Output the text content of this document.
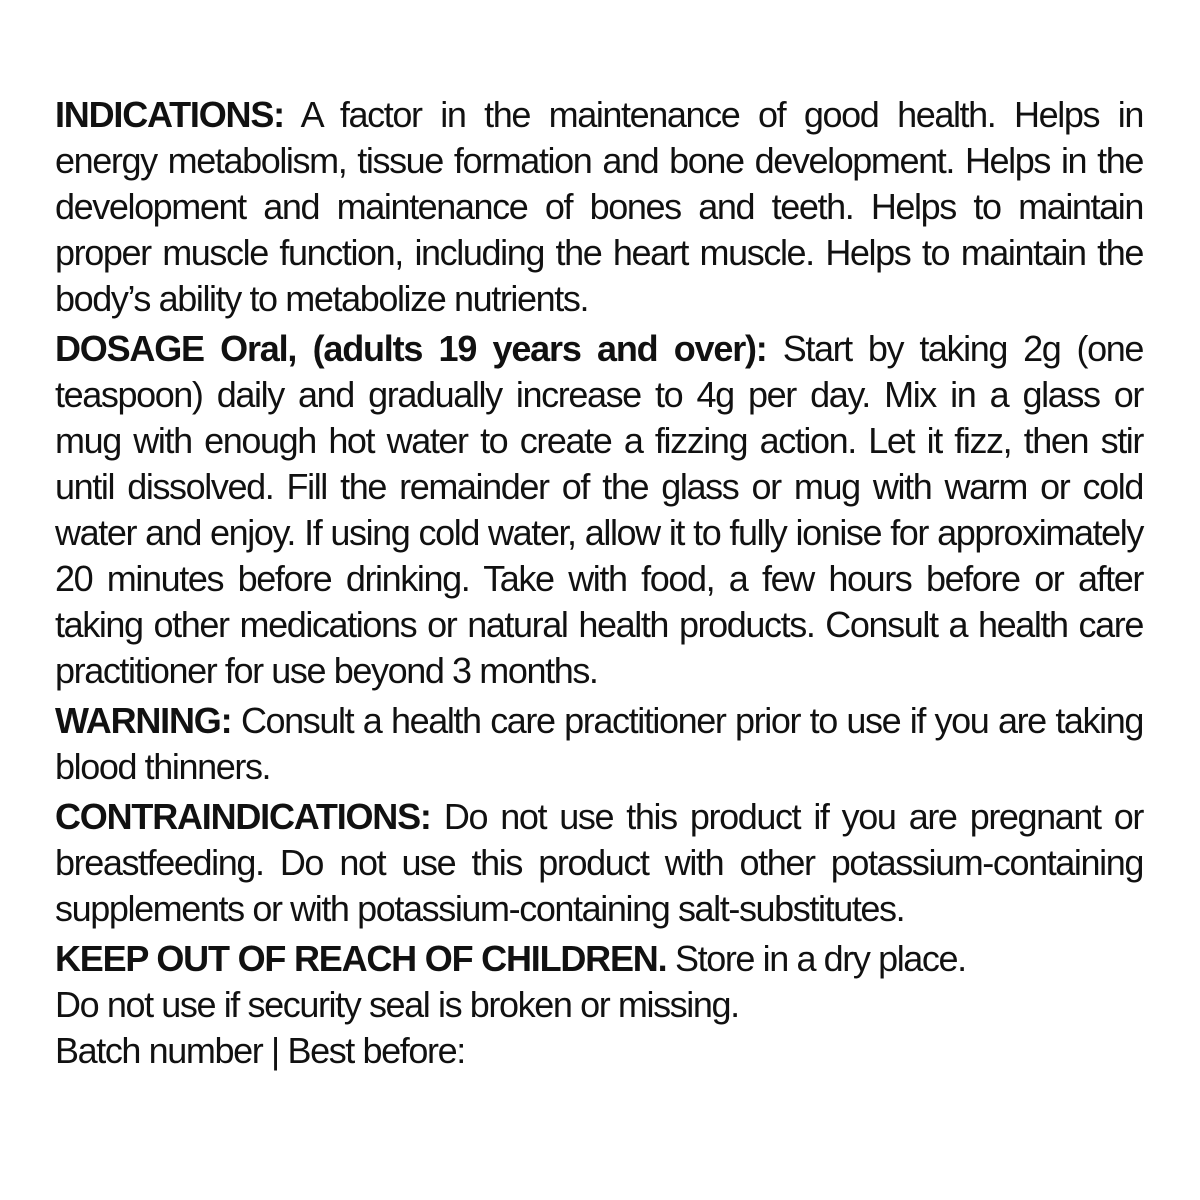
INDICATIONS: A factor in the maintenance of good health. Helps in energy metabolism, tissue formation and bone development. Helps in the development and maintenance of bones and teeth. Helps to maintain proper muscle function, including the heart muscle. Helps to maintain the body’s ability to metabolize nutrients.

DOSAGE Oral, (adults 19 years and over): Start by taking 2g (one teaspoon) daily and gradually increase to 4g per day. Mix in a glass or mug with enough hot water to create a fizzing action. Let it fizz, then stir until dissolved. Fill the remainder of the glass or mug with warm or cold water and enjoy. If using cold water, allow it to fully ionise for approximately 20 minutes before drinking. Take with food, a few hours before or after taking other medications or natural health products. Consult a health care practitioner for use beyond 3 months.

WARNING: Consult a health care practitioner prior to use if you are taking blood thinners.

CONTRAINDICATIONS: Do not use this product if you are pregnant or breastfeeding. Do not use this product with other potassium-containing supplements or with potassium-containing salt-substitutes.

KEEP OUT OF REACH OF CHILDREN. Store in a dry place.
Do not use if security seal is broken or missing.
Batch number | Best before:
